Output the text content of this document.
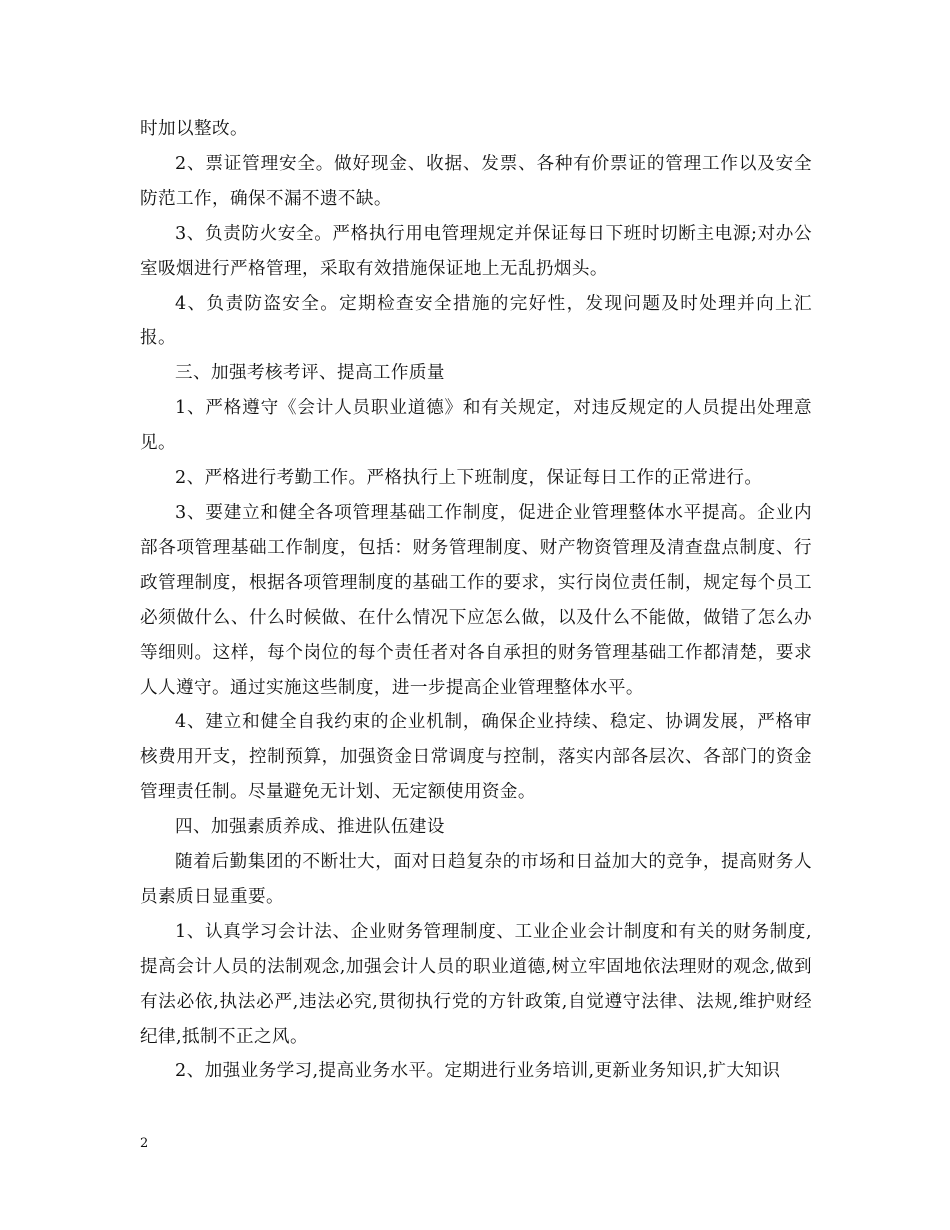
时加以整改。

2、票证管理安全。做好现金、收据、发票、各种有价票证的管理工作以及安全防范工作，确保不漏不遗不缺。

3、负责防火安全。严格执行用电管理规定并保证每日下班时切断主电源;对办公室吸烟进行严格管理，采取有效措施保证地上无乱扔烟头。

4、负责防盗安全。定期检查安全措施的完好性，发现问题及时处理并向上汇报。

三、加强考核考评、提高工作质量

1、严格遵守《会计人员职业道德》和有关规定，对违反规定的人员提出处理意见。

2、严格进行考勤工作。严格执行上下班制度，保证每日工作的正常进行。

3、要建立和健全各项管理基础工作制度，促进企业管理整体水平提高。企业内部各项管理基础工作制度，包括：财务管理制度、财产物资管理及清查盘点制度、行政管理制度，根据各项管理制度的基础工作的要求，实行岗位责任制，规定每个员工必须做什么、什么时候做、在什么情况下应怎么做，以及什么不能做，做错了怎么办等细则。这样，每个岗位的每个责任者对各自承担的财务管理基础工作都清楚，要求人人遵守。通过实施这些制度，进一步提高企业管理整体水平。

4、建立和健全自我约束的企业机制，确保企业持续、稳定、协调发展，严格审核费用开支，控制预算，加强资金日常调度与控制，落实内部各层次、各部门的资金管理责任制。尽量避免无计划、无定额使用资金。

四、加强素质养成、推进队伍建设

随着后勤集团的不断壮大，面对日趋复杂的市场和日益加大的竞争，提高财务人员素质日显重要。

1、认真学习会计法、企业财务管理制度、工业企业会计制度和有关的财务制度,提高会计人员的法制观念,加强会计人员的职业道德,树立牢固地依法理财的观念,做到有法必依,执法必严,违法必究,贯彻执行党的方针政策,自觉遵守法律、法规,维护财经纪律,抵制不正之风。

2、加强业务学习,提高业务水平。定期进行业务培训,更新业务知识,扩大知识

2
